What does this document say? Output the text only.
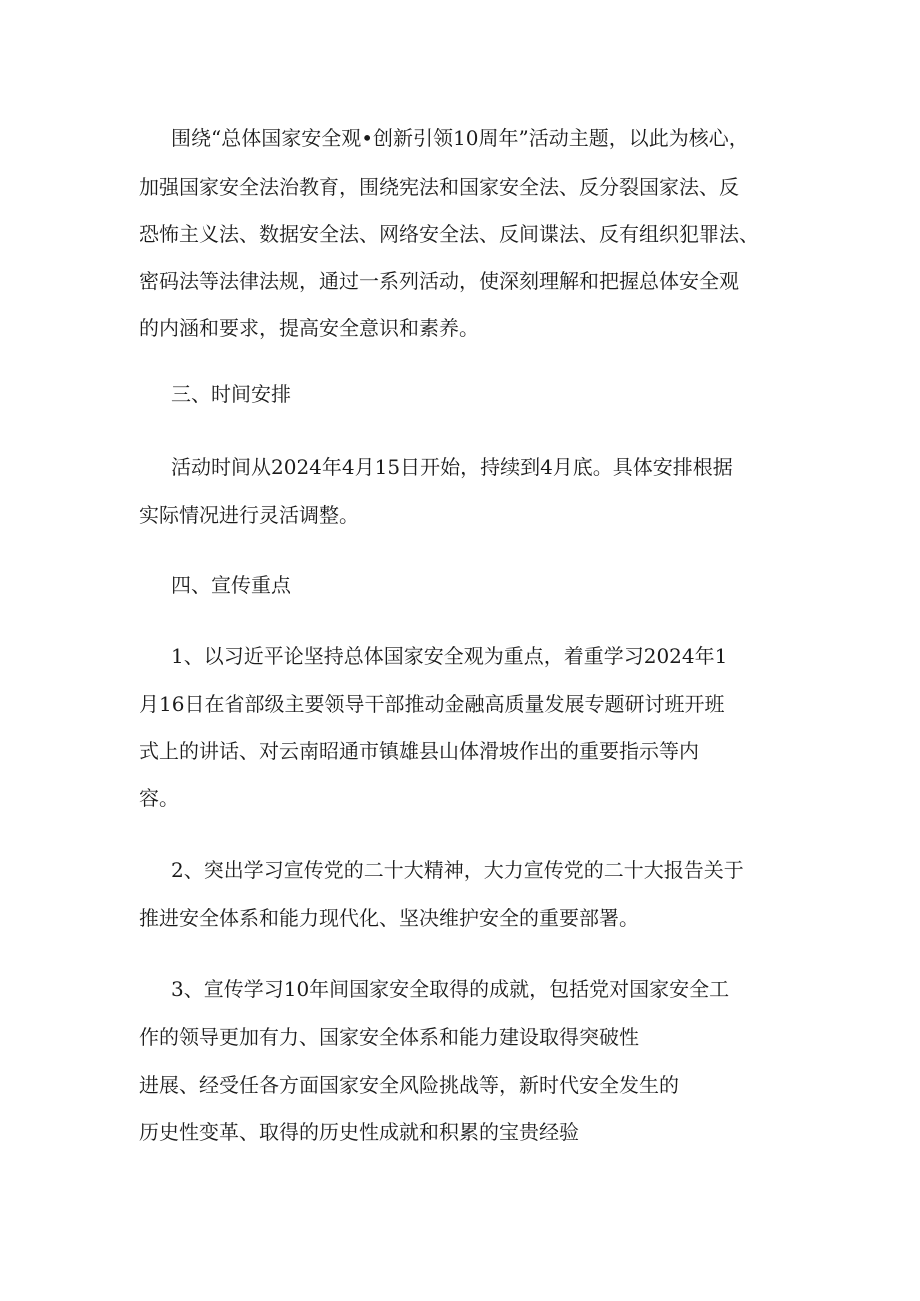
围绕“总体国家安全观•创新引领10周年”活动主题，以此为核心，
加强国家安全法治教育，围绕宪法和国家安全法、反分裂国家法、反
恐怖主义法、数据安全法、网络安全法、反间谍法、反有组织犯罪法、
密码法等法律法规，通过一系列活动，使深刻理解和把握总体安全观
的内涵和要求，提高安全意识和素养。
三、时间安排
活动时间从2024年4月15日开始，持续到4月底。具体安排根据
实际情况进行灵活调整。
四、宣传重点
1、以习近平论坚持总体国家安全观为重点，着重学习2024年1
月16日在省部级主要领导干部推动金融高质量发展专题研讨班开班
式上的讲话、对云南昭通市镇雄县山体滑坡作出的重要指示等内
容。
2、突出学习宣传党的二十大精神，大力宣传党的二十大报告关于
推进安全体系和能力现代化、坚决维护安全的重要部署。
3、宣传学习10年间国家安全取得的成就，包括党对国家安全工
作的领导更加有力、国家安全体系和能力建设取得突破性
进展、经受任各方面国家安全风险挑战等，新时代安全发生的
历史性变革、取得的历史性成就和积累的宝贵经验
